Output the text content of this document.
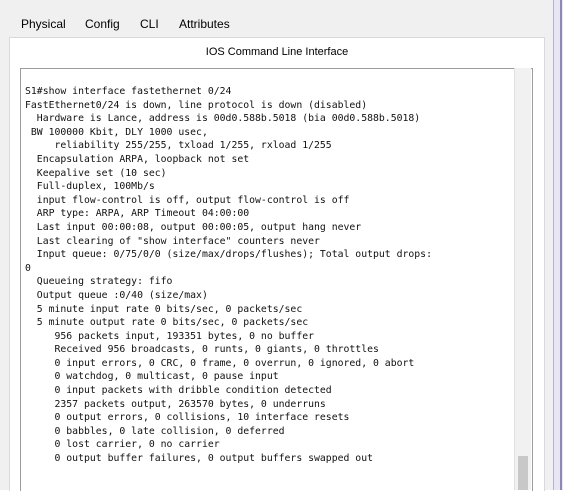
Physical Config CLI Attributes
IOS Command Line Interface
S1#show interface fastethernet 0/24
FastEthernet0/24 is down, line protocol is down (disabled)
Hardware is Lance, address is 00d0.588b.5018 (bia 00d0.588b.5018)
BW 100000 Kbit, DLY 1000 usec,
reliability 255/255, txload 1/255, rxload 1/255
Encapsulation ARPA, loopback not set
Keepalive set (10 sec)
Full-duplex, 100Mb/s
input flow-control is off, output flow-control is off
ARP type: ARPA, ARP Timeout 04:00:00
Last input 00:00:08, output 00:00:05, output hang never
Last clearing of "show interface" counters never
Input queue: 0/75/0/0 (size/max/drops/flushes); Total output drops:
0
Queueing strategy: fifo
Output queue :0/40 (size/max)
5 minute input rate 0 bits/sec, 0 packets/sec
5 minute output rate 0 bits/sec, 0 packets/sec
956 packets input, 193351 bytes, 0 no buffer
Received 956 broadcasts, 0 runts, 0 giants, 0 throttles
0 input errors, 0 CRC, 0 frame, 0 overrun, 0 ignored, 0 abort
0 watchdog, 0 multicast, 0 pause input
0 input packets with dribble condition detected
2357 packets output, 263570 bytes, 0 underruns
0 output errors, 0 collisions, 10 interface resets
0 babbles, 0 late collision, 0 deferred
0 lost carrier, 0 no carrier
0 output buffer failures, 0 output buffers swapped out
